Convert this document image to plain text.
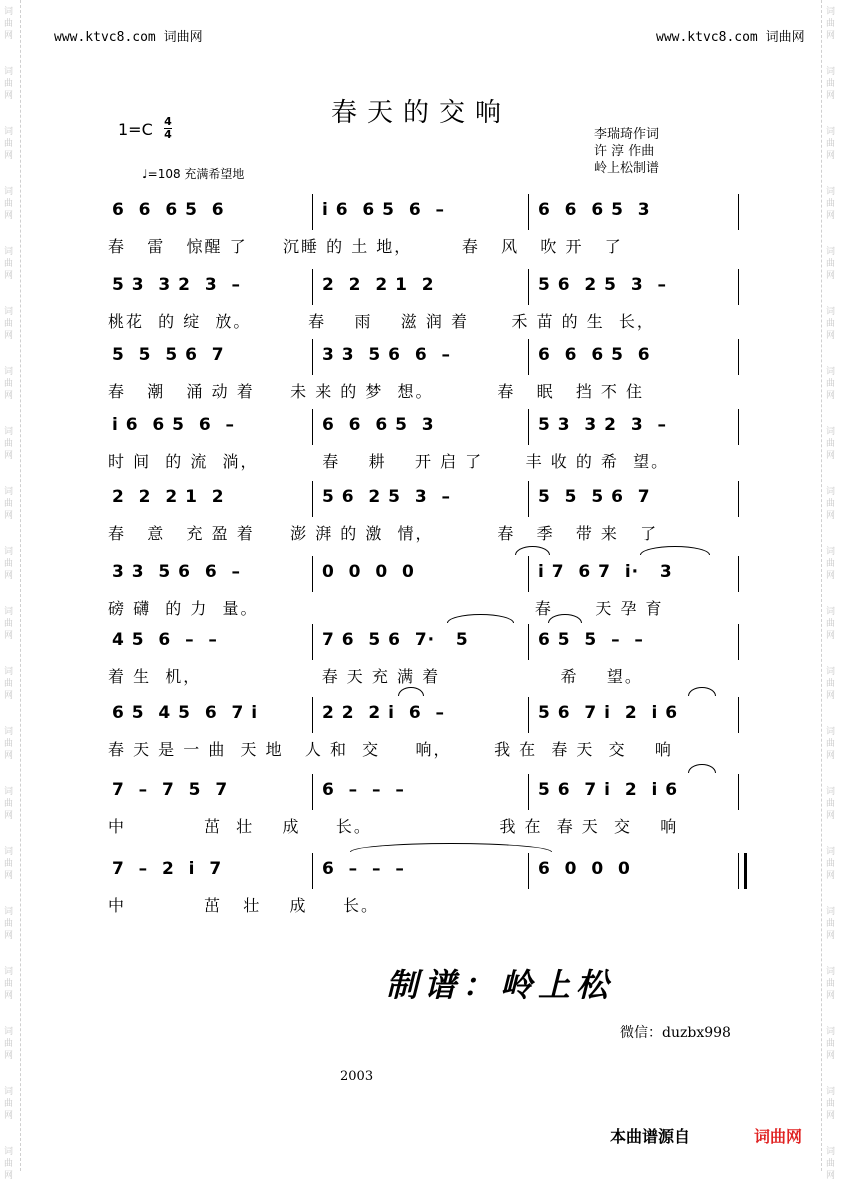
词
曲
网
词
曲
网
词
曲
网
词
曲
网
词
曲
网
词
曲
网
词
曲
网
词
曲
网
词
曲
网
词
曲
网
词
曲
网
词
曲
网
词
曲
网
词
曲
网
词
曲
网
词
曲
网
词
曲
网
词
曲
网
词
曲
网
词
曲
网
词
曲
网
词
曲
网
词
曲
网
词
曲
网
词
曲
网
词
曲
网
词
曲
网
词
曲
网
词
曲
网
词
曲
网
词
曲
网
词
曲
网
词
曲
网
词
曲
网
词
曲
网
词
曲
网
词
曲
网
词
曲
网
词
曲
网
词
曲
网
www.ktvc8.com 词曲网	www.ktvc8.com 词曲网
春天的交响
1=C 4
4
♩=108 充满希望地
李瑞琦作词
许 淳 作曲
岭上松制谱
6  6  6 5  6	i 6  6 5  6  –	6  6  6 5  3
春   雷   惊醒 了     沉睡 的 土 地，       春   风   吹 开   了
5 3  3 2  3  –	2  2  2 1  2	5 6  2 5  3  –
桃花  的 绽  放。        春    雨    滋 润 着      禾 苗 的 生  长，
5  5  5 6  7	3 3  5 6  6  –	6  6  6 5  6
春   潮   涌 动 着     未 来 的 梦  想。         春   眠   挡 不 住
i 6  6 5  6  –	6  6  6 5  3	5 3  3 2  3  –
时 间  的 流  淌，         春    耕    开 启 了      丰 收 的 希  望。
2  2  2 1  2	5 6  2 5  3  –	5  5  5 6  7
春   意   充 盈 着     澎 湃 的 激  情，         春   季   带 来   了
3 3  5 6  6  –	0  0  0  0	i 7  6 7  i·   3
磅 礴  的 力  量。                                       春      天 孕 育
4 5  6  –  –	7 6  5 6  7·   5	6 5  5  –  –
着 生  机，                 春 天 充 满 着                 希    望。
6 5  4 5  6  7 i	2 2  2 i  6  –	5 6  7 i  2  i 6
春 天 是 一 曲  天 地   人 和  交     响，      我 在  春 天  交    响
7  –  7  5  7	6  –  –  –	5 6  7 i  2  i 6
中           茁  壮    成     长。                  我 在  春 天  交    响
7  –  2  i  7	6  –  –  –	6  0  0  0
中           茁   壮    成     长。
制谱：岭上松
微信：duzbx998
2003
本曲谱源自	词曲网
